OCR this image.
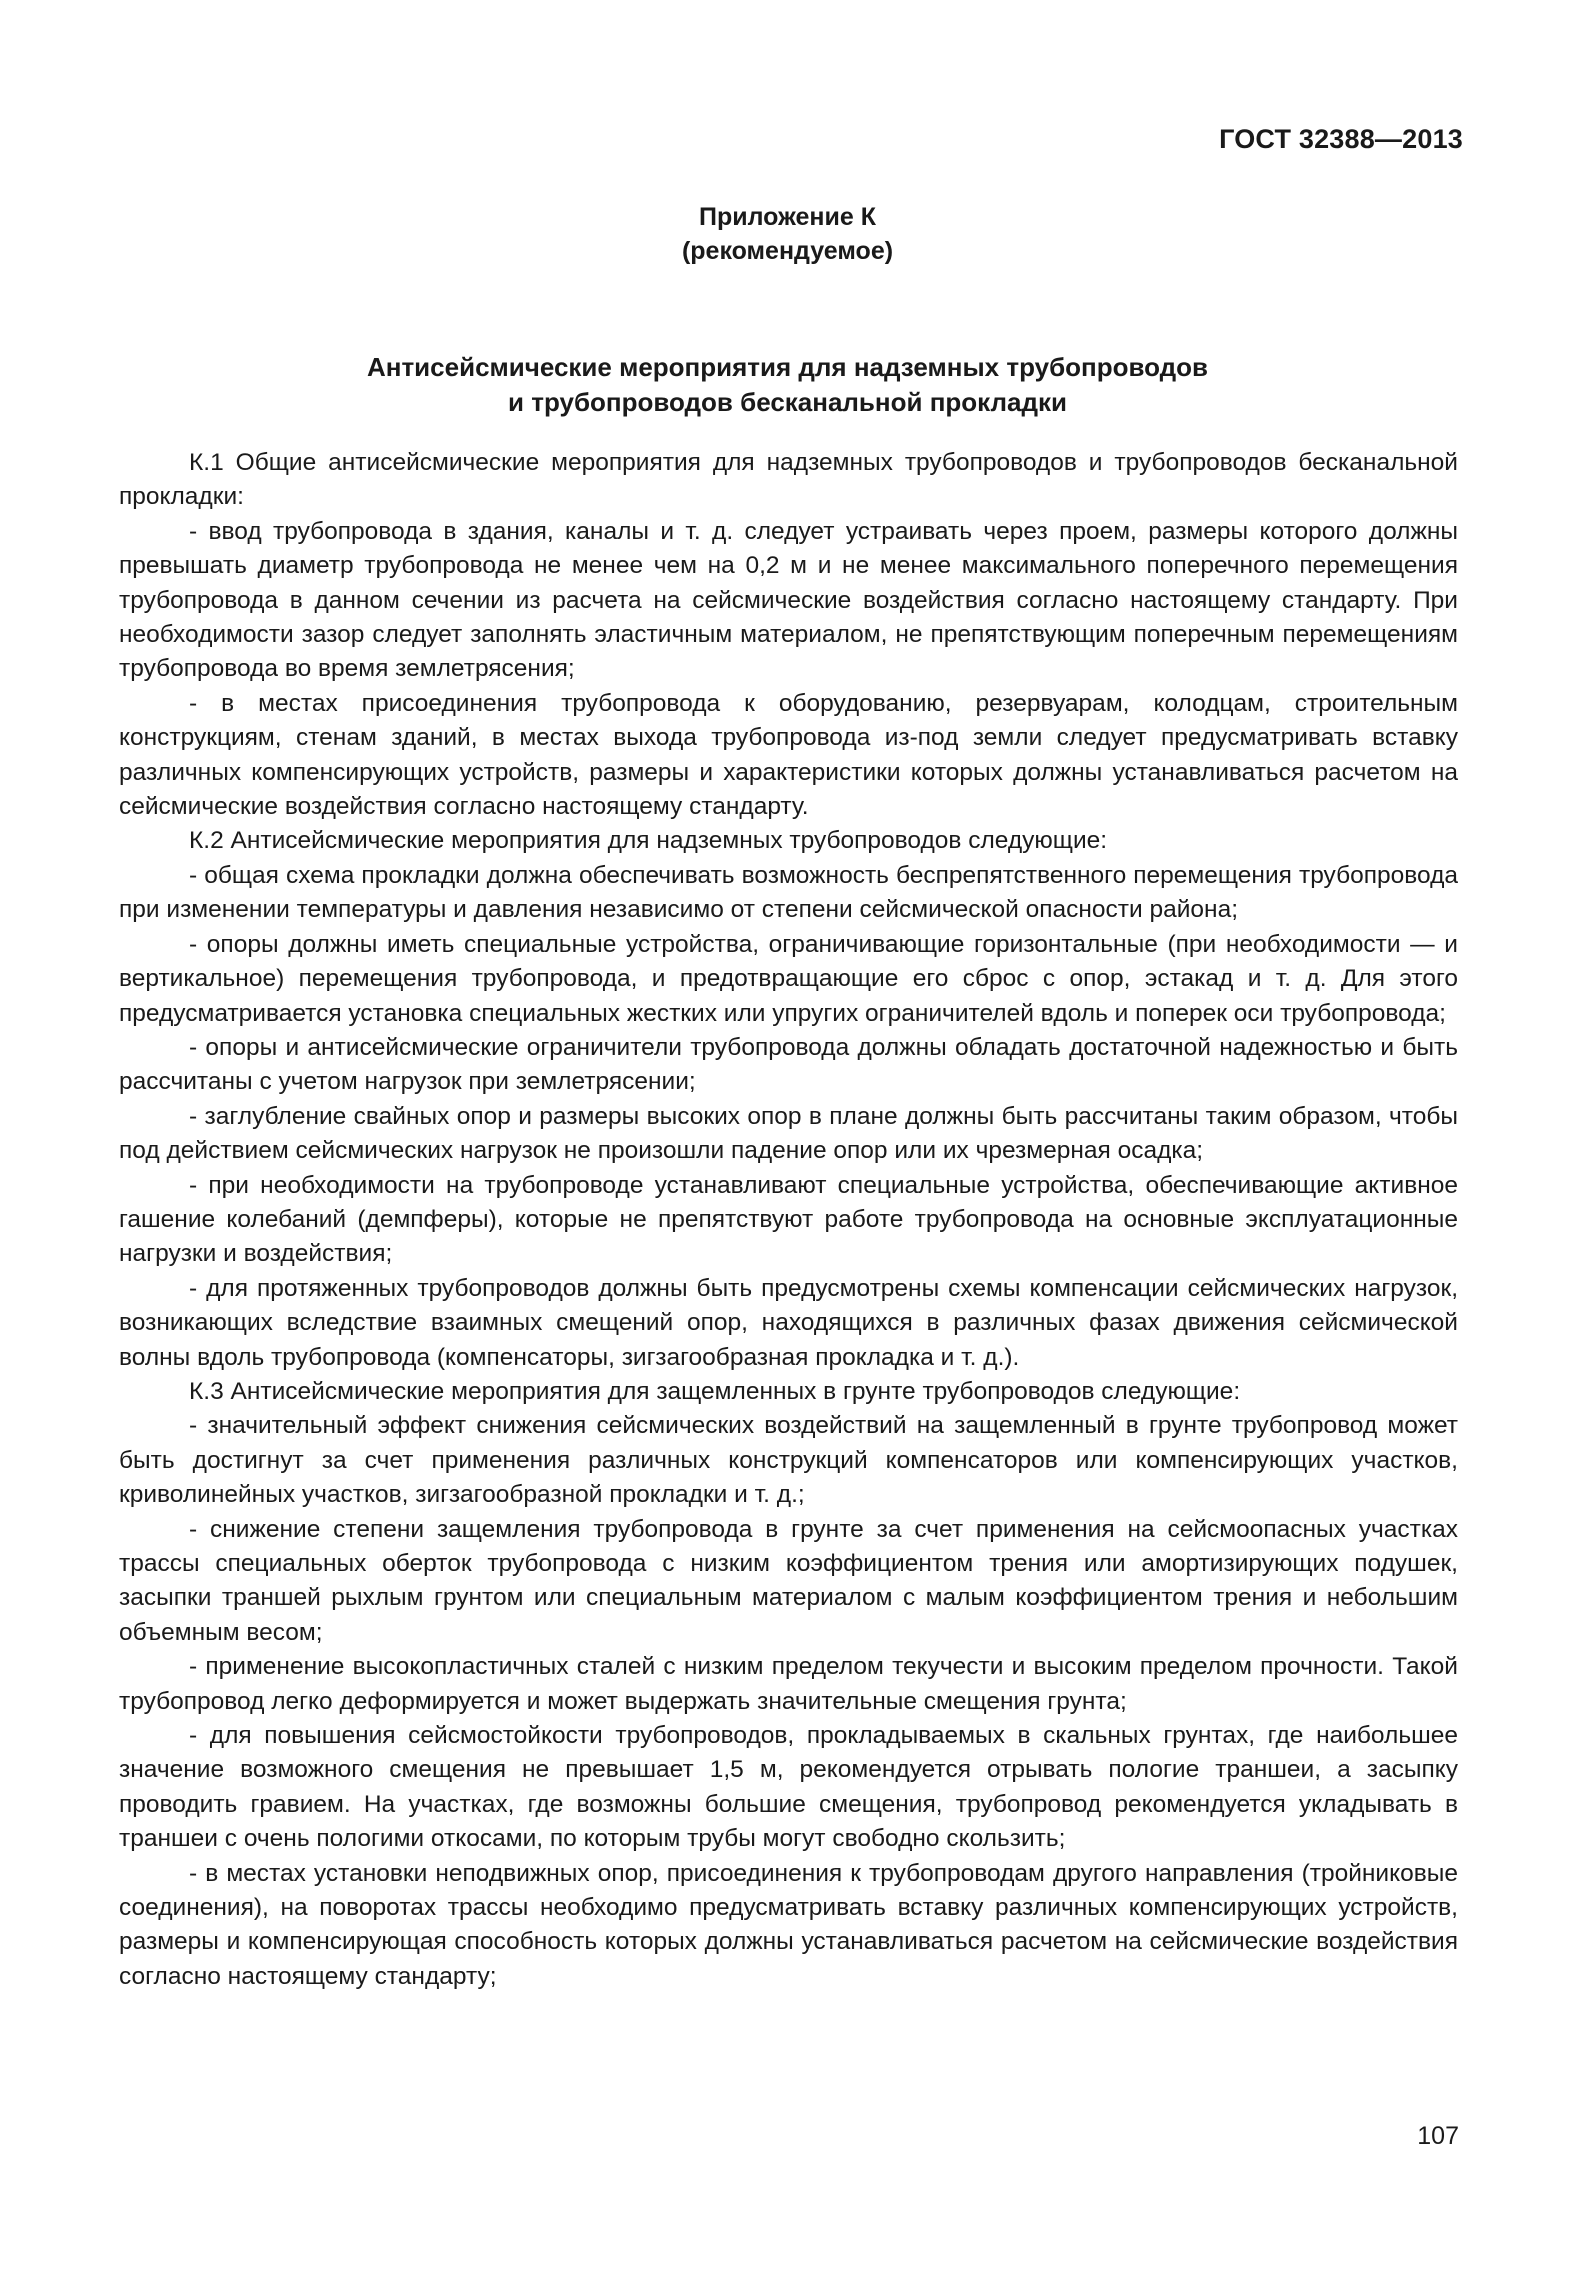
ГОСТ 32388—2013
Приложение К
(рекомендуемое)
Антисейсмические мероприятия для надземных трубопроводов
и трубопроводов бесканальной прокладки

К.1 Общие антисейсмические мероприятия для надземных трубопроводов и трубопроводов бесканальной прокладки:

- ввод трубопровода в здания, каналы и т. д. следует устраивать через проем, размеры которого должны превышать диаметр трубопровода не менее чем на 0,2 м и не менее максимального поперечного перемещения трубопровода в данном сечении из расчета на сейсмические воздействия согласно настоящему стандарту. При необходимости зазор следует заполнять эластичным материалом, не препятствующим поперечным перемещениям трубопровода во время землетрясения;

- в местах присоединения трубопровода к оборудованию, резервуарам, колодцам, строительным конструкциям, стенам зданий, в местах выхода трубопровода из-под земли следует предусматривать вставку различных компенсирующих устройств, размеры и характеристики которых должны устанавливаться расчетом на сейсмические воздействия согласно настоящему стандарту.

К.2 Антисейсмические мероприятия для надземных трубопроводов следующие:

- общая схема прокладки должна обеспечивать возможность беспрепятственного перемещения трубопровода при изменении температуры и давления независимо от степени сейсмической опасности района;

- опоры должны иметь специальные устройства, ограничивающие горизонтальные (при необходимости — и вертикальное) перемещения трубопровода, и предотвращающие его сброс с опор, эстакад и т. д. Для этого предусматривается установка специальных жестких или упругих ограничителей вдоль и поперек оси трубопровода;

- опоры и антисейсмические ограничители трубопровода должны обладать достаточной надежностью и быть рассчитаны с учетом нагрузок при землетрясении;

- заглубление свайных опор и размеры высоких опор в плане должны быть рассчитаны таким образом, чтобы под действием сейсмических нагрузок не произошли падение опор или их чрезмерная осадка;

- при необходимости на трубопроводе устанавливают специальные устройства, обеспечивающие активное гашение колебаний (демпферы), которые не препятствуют работе трубопровода на основные эксплуатационные нагрузки и воздействия;

- для протяженных трубопроводов должны быть предусмотрены схемы компенсации сейсмических нагрузок, возникающих вследствие взаимных смещений опор, находящихся в различных фазах движения сейсмической волны вдоль трубопровода (компенсаторы, зигзагообразная прокладка и т. д.).

К.3 Антисейсмические мероприятия для защемленных в грунте трубопроводов следующие:

- значительный эффект снижения сейсмических воздействий на защемленный в грунте трубопровод может быть достигнут за счет применения различных конструкций компенсаторов или компенсирующих участков, криволинейных участков, зигзагообразной прокладки и т. д.;

- снижение степени защемления трубопровода в грунте за счет применения на сейсмоопасных участках трассы специальных оберток трубопровода с низким коэффициентом трения или амортизирующих подушек, засыпки траншей рыхлым грунтом или специальным материалом с малым коэффициентом трения и небольшим объемным весом;

- применение высокопластичных сталей с низким пределом текучести и высоким пределом прочности. Такой трубопровод легко деформируется и может выдержать значительные смещения грунта;

- для повышения сейсмостойкости трубопроводов, прокладываемых в скальных грунтах, где наибольшее значение возможного смещения не превышает 1,5 м, рекомендуется отрывать пологие траншеи, а засыпку проводить гравием. На участках, где возможны большие смещения, трубопровод рекомендуется укладывать в траншеи с очень пологими откосами, по которым трубы могут свободно скользить;

- в местах установки неподвижных опор, присоединения к трубопроводам другого направления (тройниковые соединения), на поворотах трассы необходимо предусматривать вставку различных компенсирующих устройств, размеры и компенсирующая способность которых должны устанавливаться расчетом на сейсмические воздействия согласно настоящему стандарту;

107
